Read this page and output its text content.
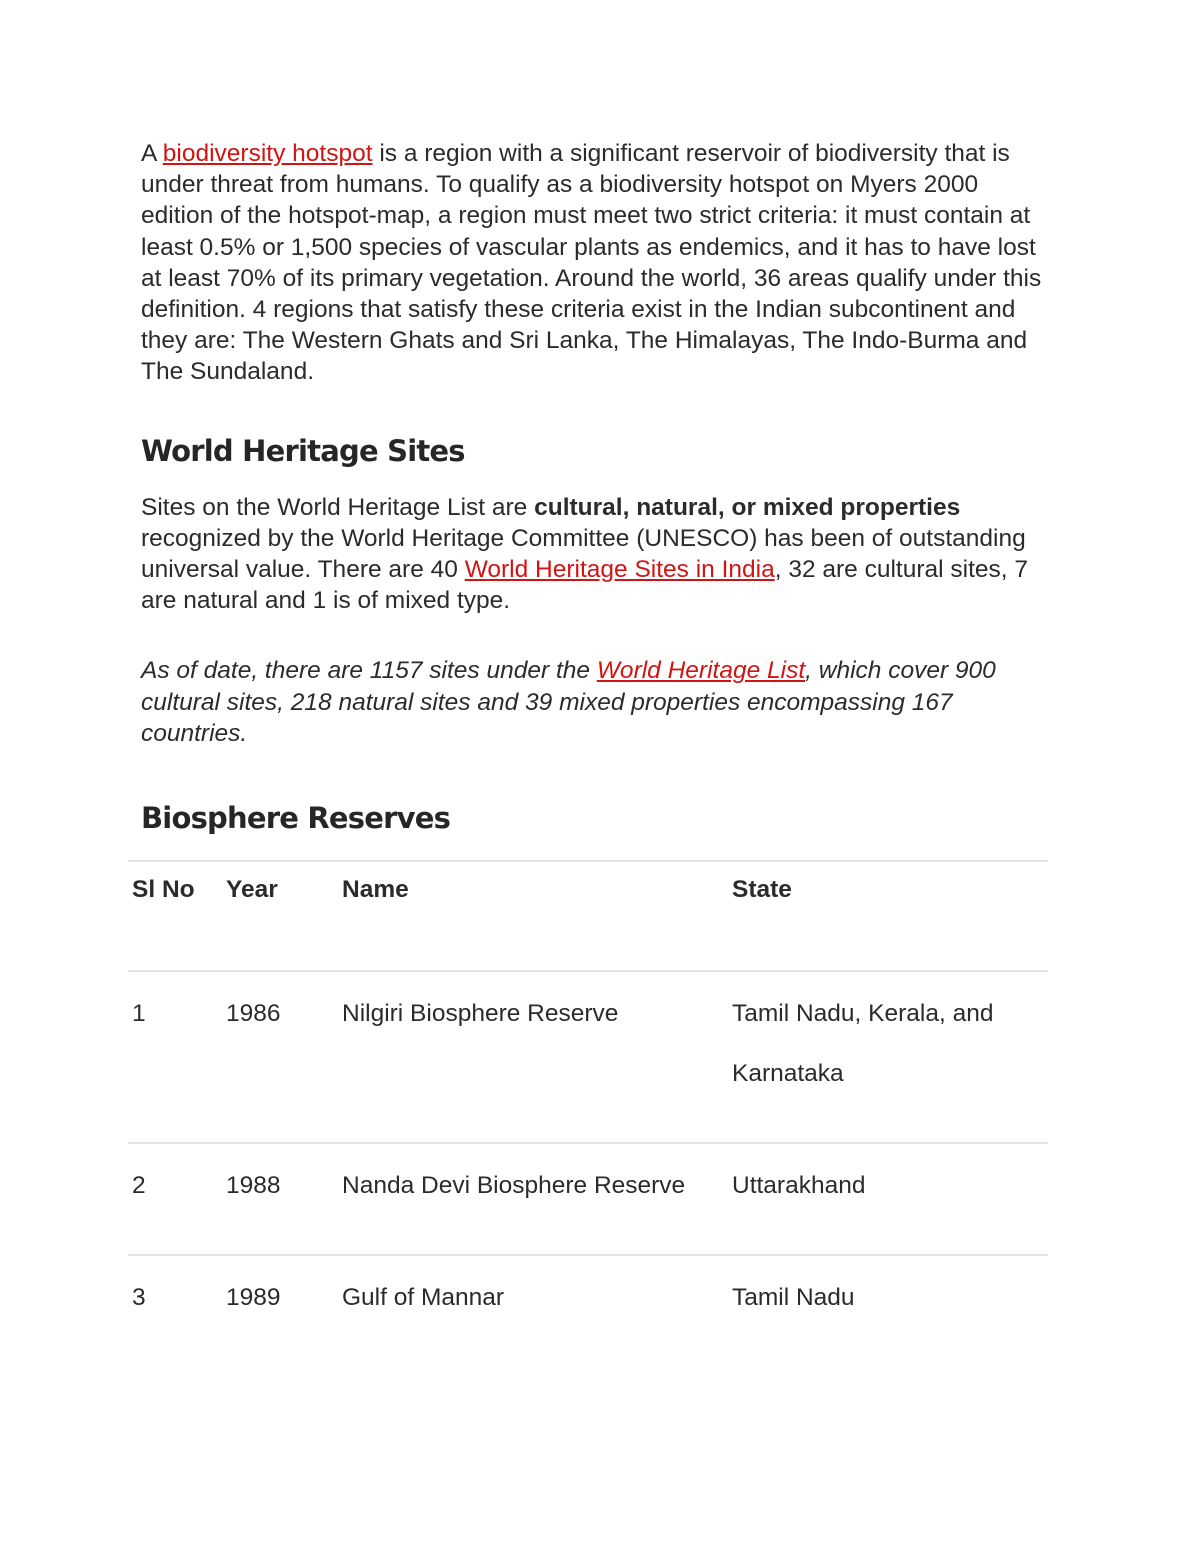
A biodiversity hotspot is a region with a significant reservoir of biodiversity that is under threat from humans. To qualify as a biodiversity hotspot on Myers 2000 edition of the hotspot-map, a region must meet two strict criteria: it must contain at least 0.5% or 1,500 species of vascular plants as endemics, and it has to have lost at least 70% of its primary vegetation. Around the world, 36 areas qualify under this definition. 4 regions that satisfy these criteria exist in the Indian subcontinent and they are: The Western Ghats and Sri Lanka, The Himalayas, The Indo-Burma and The Sundaland.

World Heritage Sites

Sites on the World Heritage List are cultural, natural, or mixed properties recognized by the World Heritage Committee (UNESCO) has been of outstanding universal value. There are 40 World Heritage Sites in India, 32 are cultural sites, 7 are natural and 1 is of mixed type.

As of date, there are 1157 sites under the World Heritage List, which cover 900 cultural sites, 218 natural sites and 39 mixed properties encompassing 167 countries.

Biosphere Reserves
Sl No	Year	Name	State
1	1986	Nilgiri Biosphere Reserve	Tamil Nadu, Kerala, and Karnataka
2	1988	Nanda Devi Biosphere Reserve	Uttarakhand
3	1989	Gulf of Mannar	Tamil Nadu
